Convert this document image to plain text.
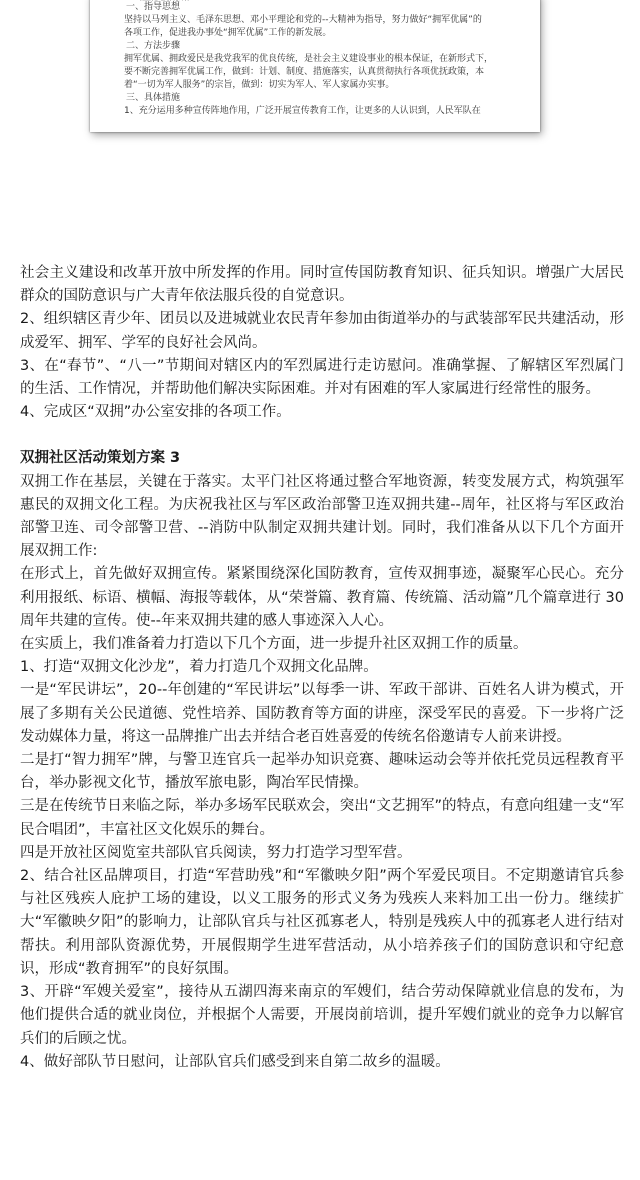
一、指导思想
坚持以马列主义、毛泽东思想、邓小平理论和党的--大精神为指导，努力做好“拥军优属”的
各项工作，促进我办事处“拥军优属”工作的新发展。
二、方法步骤
拥军优属、拥政爱民是我党我军的优良传统，是社会主义建设事业的根本保证，在新形式下，
要不断完善拥军优属工作，做到：计划、制度、措施落实，认真贯彻执行各项优抚政策，本
着“一切为军人服务”的宗旨，做到：切实为军人、军人家属办实事。
三、具体措施
1、充分运用多种宣传阵地作用，广泛开展宣传教育工作，让更多的人认识到，人民军队在

社会主义建设和改革开放中所发挥的作用。同时宣传国防教育知识、征兵知识。增强广大居民群众的国防意识与广大青年依法服兵役的自觉意识。

2、组织辖区青少年、团员以及进城就业农民青年参加由街道举办的与武装部军民共建活动，形成爱军、拥军、学军的良好社会风尚。

3、在“春节”、“八一”节期间对辖区内的军烈属进行走访慰问。准确掌握、了解辖区军烈属门的生活、工作情况，并帮助他们解决实际困难。并对有困难的军人家属进行经常性的服务。

4、完成区“双拥”办公室安排的各项工作。

双拥社区活动策划方案 3

双拥工作在基层，关键在于落实。太平门社区将通过整合军地资源，转变发展方式，构筑强军惠民的双拥文化工程。为庆祝我社区与军区政治部警卫连双拥共建--周年，社区将与军区政治部警卫连、司令部警卫营、--消防中队制定双拥共建计划。同时，我们准备从以下几个方面开展双拥工作:

在形式上，首先做好双拥宣传。紧紧围绕深化国防教育，宣传双拥事迹，凝聚军心民心。充分利用报纸、标语、横幅、海报等载体，从“荣誉篇、教育篇、传统篇、活动篇”几个篇章进行 30 周年共建的宣传。使--年来双拥共建的感人事迹深入人心。

在实质上，我们准备着力打造以下几个方面，进一步提升社区双拥工作的质量。

1、打造“双拥文化沙龙”，着力打造几个双拥文化品牌。

一是“军民讲坛”，20--年创建的“军民讲坛”以每季一讲、军政干部讲、百姓名人讲为模式，开展了多期有关公民道德、党性培养、国防教育等方面的讲座，深受军民的喜爱。下一步将广泛发动媒体力量，将这一品牌推广出去并结合老百姓喜爱的传统名俗邀请专人前来讲授。

二是打“智力拥军”牌，与警卫连官兵一起举办知识竞赛、趣味运动会等并依托党员远程教育平台，举办影视文化节，播放军旅电影，陶冶军民情操。

三是在传统节日来临之际，举办多场军民联欢会，突出“文艺拥军”的特点，有意向组建一支“军民合唱团”，丰富社区文化娱乐的舞台。

四是开放社区阅览室共部队官兵阅读，努力打造学习型军营。

2、结合社区品牌项目，打造“军营助残”和“军徽映夕阳”两个军爱民项目。不定期邀请官兵参与社区残疾人庇护工场的建设，以义工服务的形式义务为残疾人来料加工出一份力。继续扩大“军徽映夕阳”的影响力，让部队官兵与社区孤寡老人，特别是残疾人中的孤寡老人进行结对帮扶。利用部队资源优势，开展假期学生进军营活动，从小培养孩子们的国防意识和守纪意识，形成“教育拥军”的良好氛围。

3、开辟“军嫂关爱室”，接待从五湖四海来南京的军嫂们，结合劳动保障就业信息的发布，为他们提供合适的就业岗位，并根据个人需要，开展岗前培训，提升军嫂们就业的竞争力以解官兵们的后顾之忧。

4、做好部队节日慰问，让部队官兵们感受到来自第二故乡的温暖。
